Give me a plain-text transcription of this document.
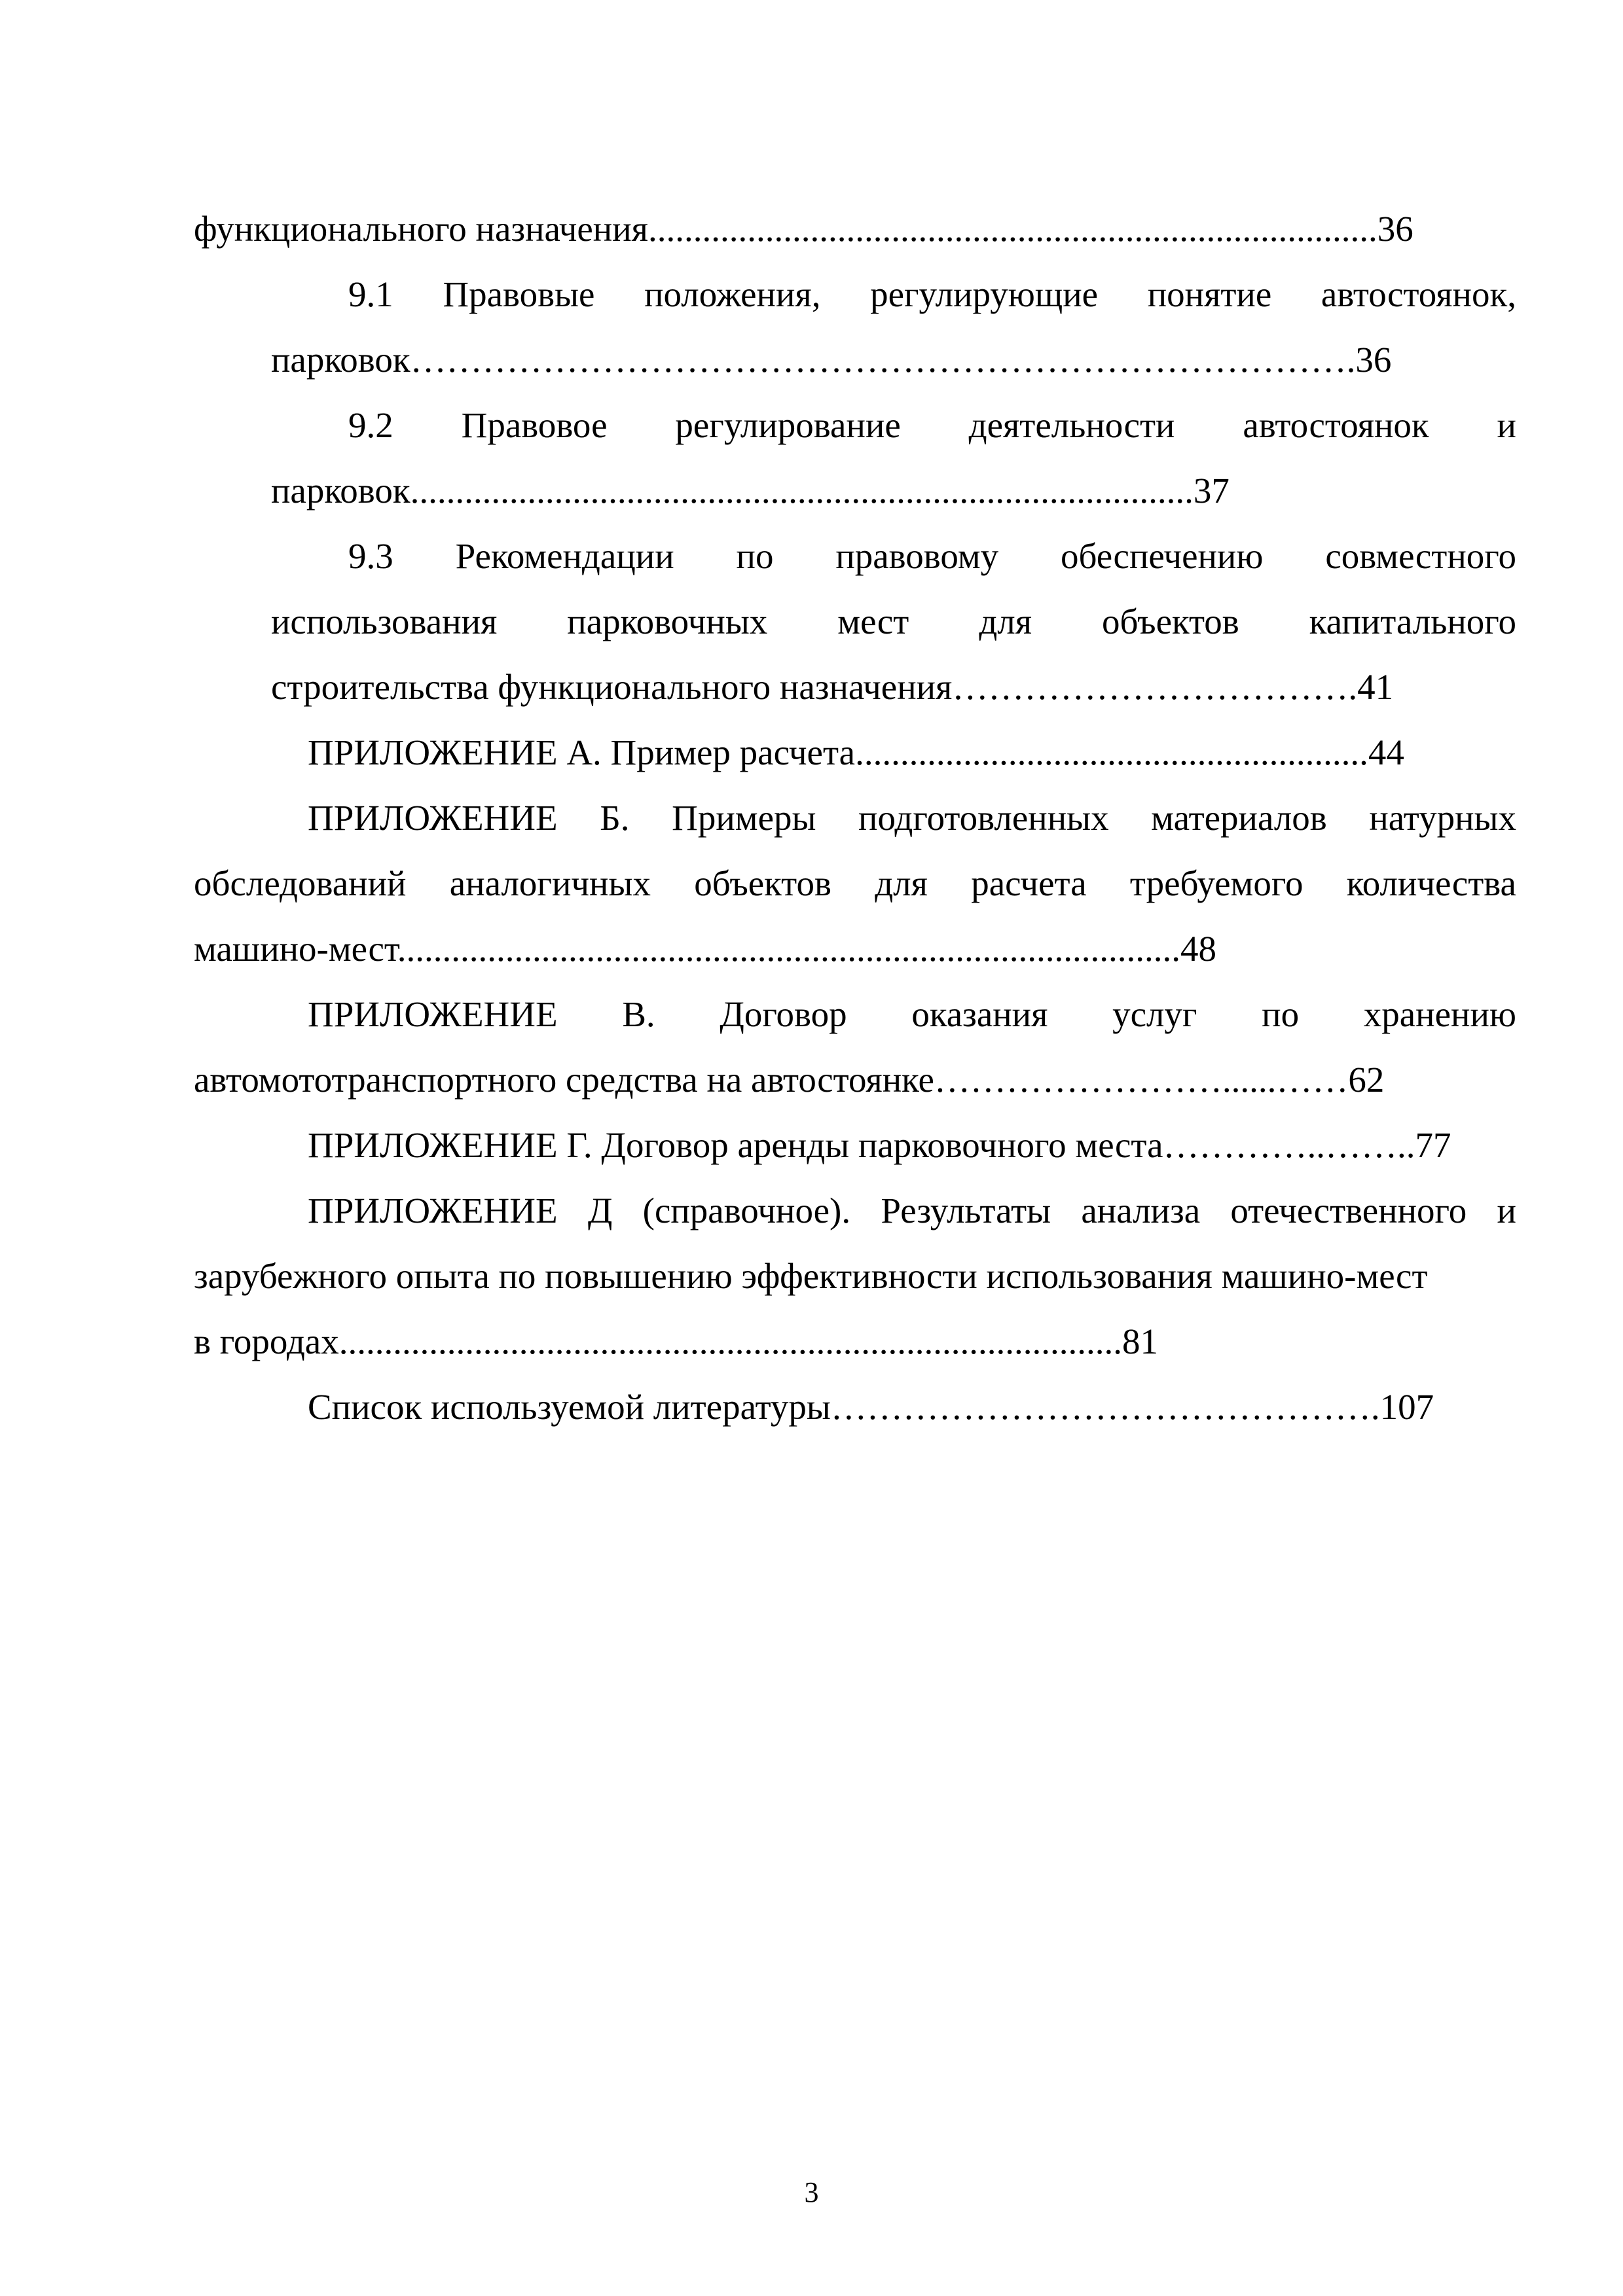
функционального назначения.................................................................................36
9.1 Правовые положения, регулирующие понятие автостоянок,
парковок…………………………………………………………………….36
9.2 Правовое регулирование деятельности автостоянок и
парковок.......................................................................................37
9.3 Рекомендации по правовому обеспечению совместного
использования парковочных мест для объектов капитального
строительства функционального назначения…………………………….41
ПРИЛОЖЕНИЕ А. Пример расчета.........................................................44
ПРИЛОЖЕНИЕ Б. Примеры подготовленных материалов натурных
обследований аналогичных объектов для расчета требуемого количества
машино-мест.......................................................................................48
ПРИЛОЖЕНИЕ В. Договор оказания услуг по хранению
автомототранспортного средства на автостоянке……………………......……62
ПРИЛОЖЕНИЕ Г. Договор аренды парковочного места…………..……..77
ПРИЛОЖЕНИЕ Д (справочное). Результаты анализа отечественного и
зарубежного опыта по повышению эффективности использования машино-мест
в городах.......................................................................................81
Список используемой литературы……………………………………….107
3
